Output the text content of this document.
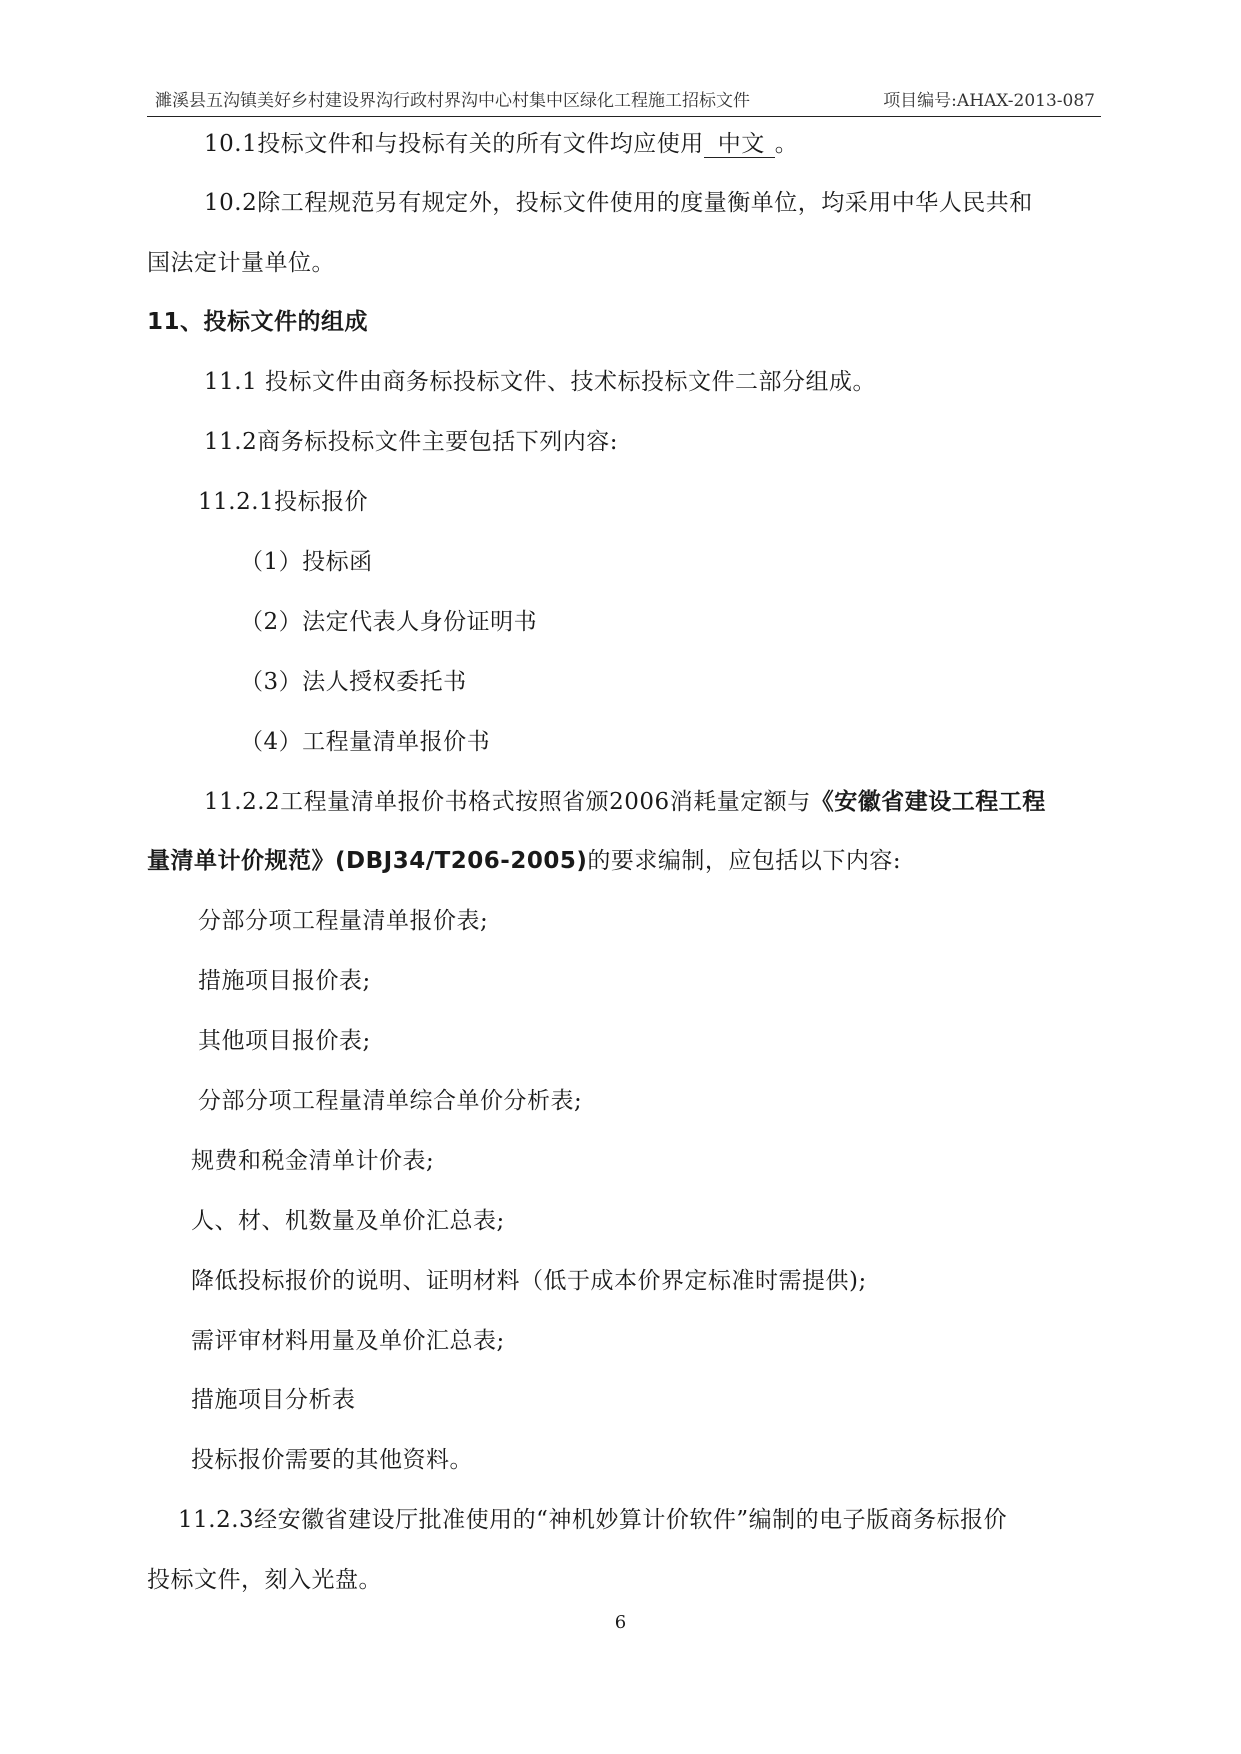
濉溪县五沟镇美好乡村建设界沟行政村界沟中心村集中区绿化工程施工招标文件	项目编号:AHAX-2013-087
10.1投标文件和与投标有关的所有文件均应使用 中文 。
10.2除工程规范另有规定外，投标文件使用的度量衡单位，均采用中华人民共和
国法定计量单位。
11、投标文件的组成
11.1 投标文件由商务标投标文件、技术标投标文件二部分组成。
11.2商务标投标文件主要包括下列内容:
11.2.1投标报价
（1）投标函
（2）法定代表人身份证明书
（3）法人授权委托书
（4）工程量清单报价书
11.2.2工程量清单报价书格式按照省颁2006消耗量定额与《安徽省建设工程工程
量清单计价规范》(DBJ34/T206-2005)的要求编制，应包括以下内容:
分部分项工程量清单报价表;
措施项目报价表;
其他项目报价表;
分部分项工程量清单综合单价分析表;
规费和税金清单计价表;
人、材、机数量及单价汇总表;
降低投标报价的说明、证明材料（低于成本价界定标准时需提供);
需评审材料用量及单价汇总表;
措施项目分析表
投标报价需要的其他资料。
11.2.3经安徽省建设厅批准使用的“神机妙算计价软件”编制的电子版商务标报价
投标文件，刻入光盘。
6
